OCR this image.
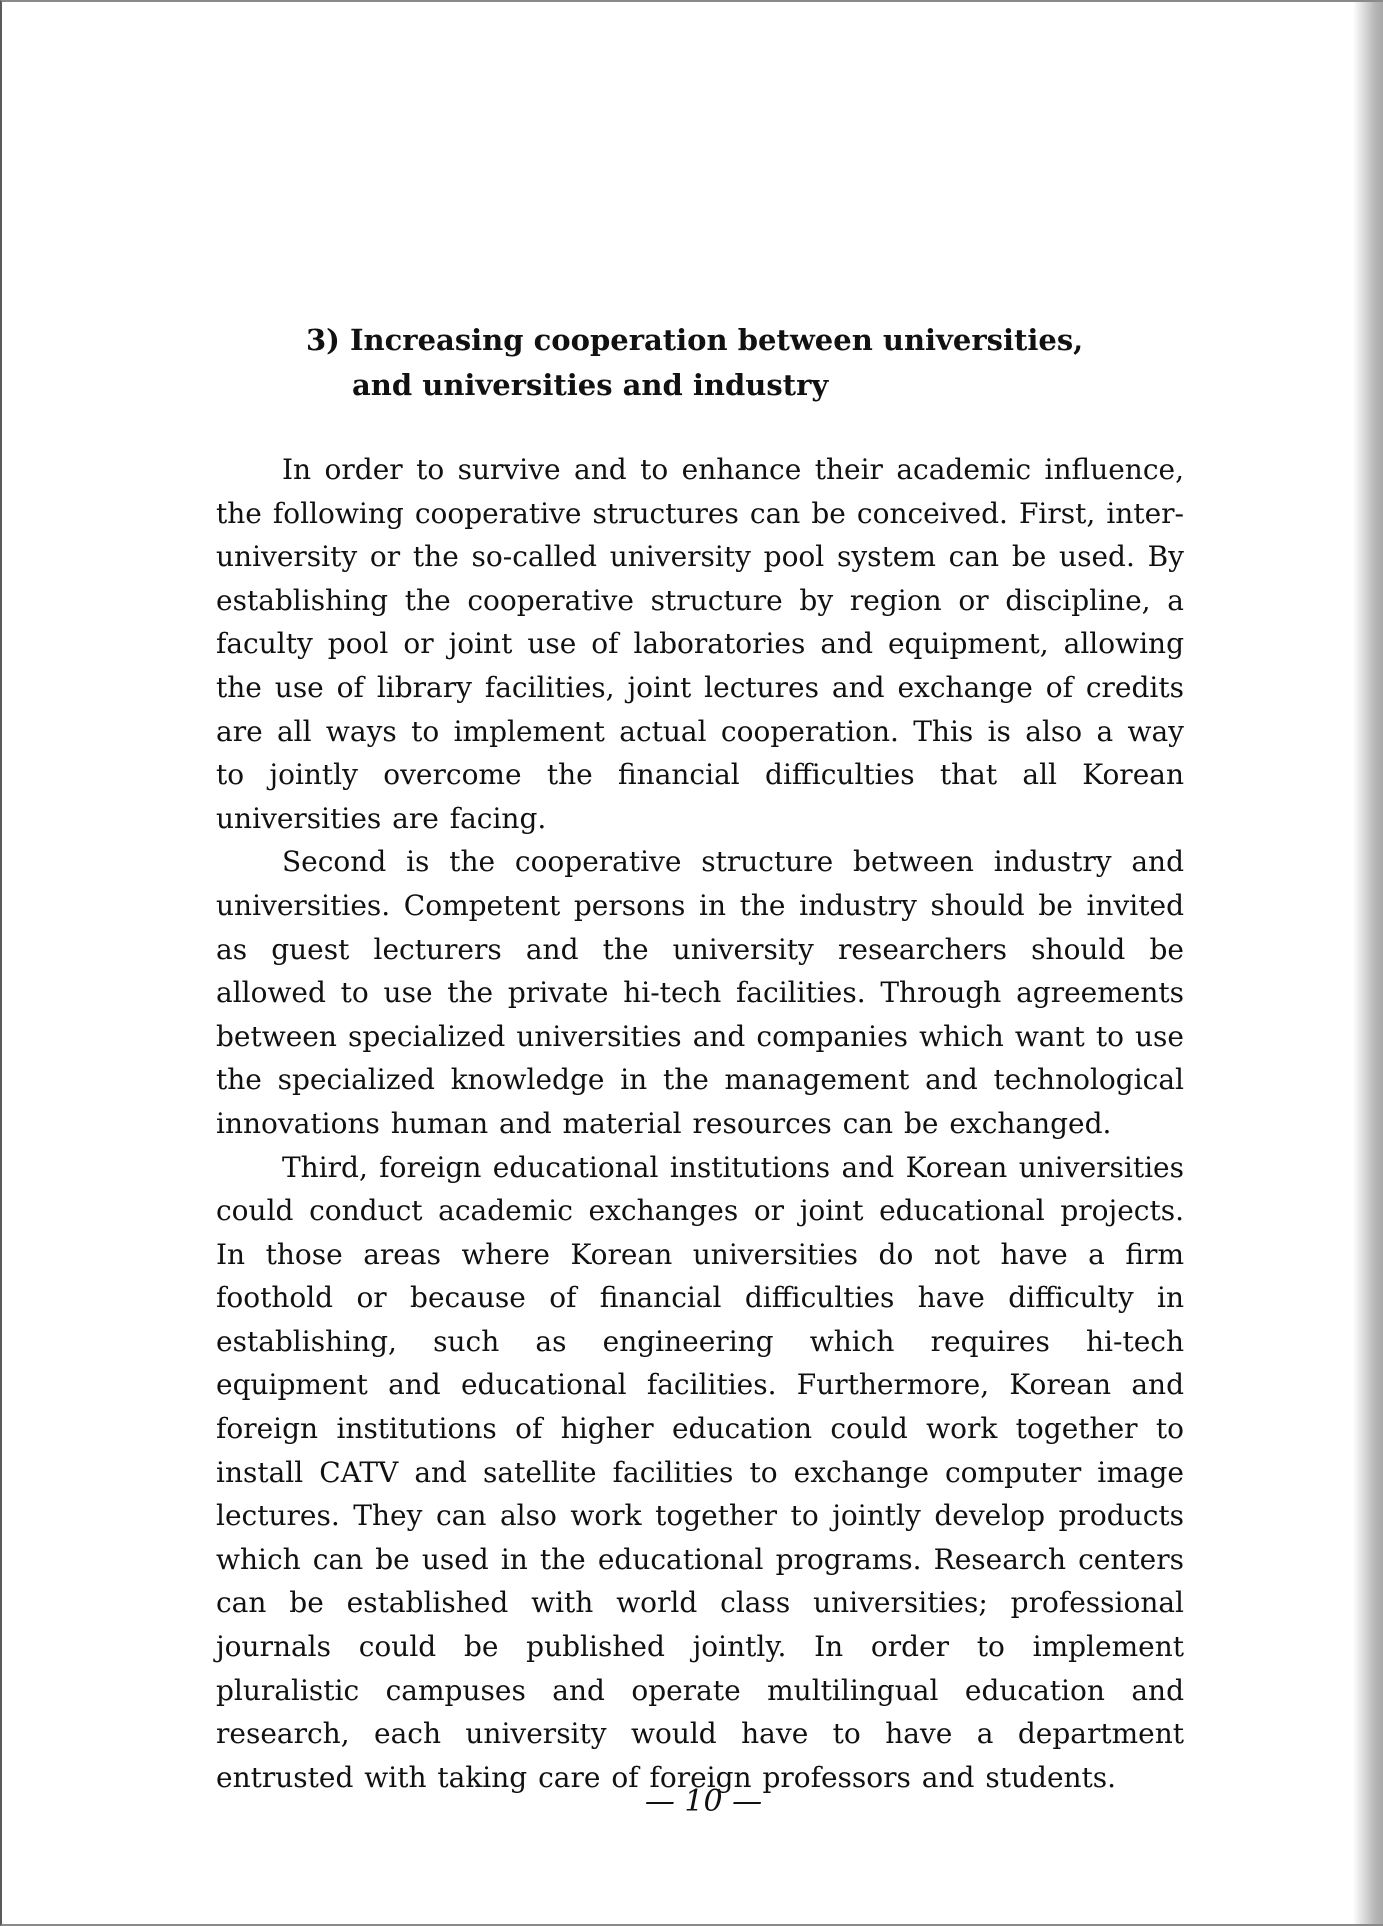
3) Increasing cooperation between universities,
and universities and industry

In order to survive and to enhance their academic influence, the following cooperative structures can be conceived. First, inter-university or the so-called university pool system can be used. By establishing the cooperative structure by region or discipline, a faculty pool or joint use of laboratories and equipment, allowing the use of library facilities, joint lectures and exchange of credits are all ways to implement actual cooperation. This is also a way to jointly overcome the financial difficulties that all Korean universities are facing.

Second is the cooperative structure between industry and universities. Competent persons in the industry should be invited as guest lecturers and the university researchers should be allowed to use the private hi-tech facilities. Through agreements between specialized universities and companies which want to use the specialized knowledge in the management and technological innovations human and material resources can be exchanged.

Third, foreign educational institutions and Korean universities could conduct academic exchanges or joint educational projects. In those areas where Korean universities do not have a firm foothold or because of financial difficulties have difficulty in establishing, such as engineering which requires hi-tech equipment and educational facilities. Furthermore, Korean and foreign institutions of higher education could work together to install CATV and satellite facilities to exchange computer image lectures. They can also work together to jointly develop products which can be used in the educational programs. Research centers can be established with world class universities; professional journals could be published jointly. In order to implement pluralistic campuses and operate multilingual education and research, each university would have to have a department entrusted with taking care of foreign professors and students.

— 10 —
